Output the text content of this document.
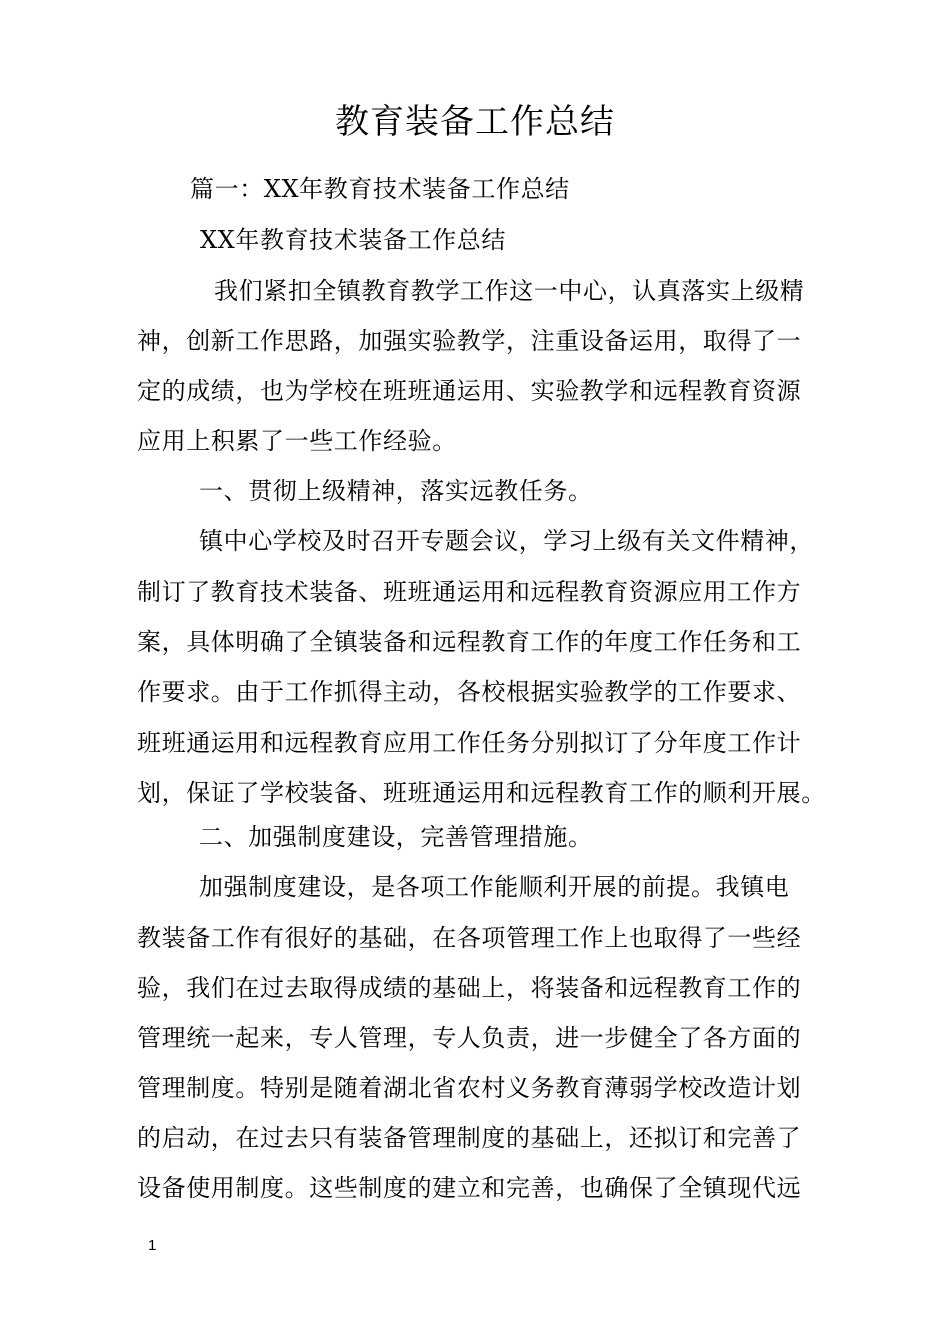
教育装备工作总结
篇一：XX年教育技术装备工作总结
XX年教育技术装备工作总结
我们紧扣全镇教育教学工作这一中心，认真落实上级精
神，创新工作思路，加强实验教学，注重设备运用，取得了一
定的成绩，也为学校在班班通运用、实验教学和远程教育资源
应用上积累了一些工作经验。
一、贯彻上级精神，落实远教任务。
镇中心学校及时召开专题会议，学习上级有关文件精神，
制订了教育技术装备、班班通运用和远程教育资源应用工作方
案，具体明确了全镇装备和远程教育工作的年度工作任务和工
作要求。由于工作抓得主动，各校根据实验教学的工作要求、
班班通运用和远程教育应用工作任务分别拟订了分年度工作计
划，保证了学校装备、班班通运用和远程教育工作的顺利开展。
二、加强制度建设，完善管理措施。
加强制度建设，是各项工作能顺利开展的前提。我镇电
教装备工作有很好的基础，在各项管理工作上也取得了一些经
验，我们在过去取得成绩的基础上，将装备和远程教育工作的
管理统一起来，专人管理，专人负责，进一步健全了各方面的
管理制度。特别是随着湖北省农村义务教育薄弱学校改造计划
的启动，在过去只有装备管理制度的基础上，还拟订和完善了
设备使用制度。这些制度的建立和完善，也确保了全镇现代远
1
